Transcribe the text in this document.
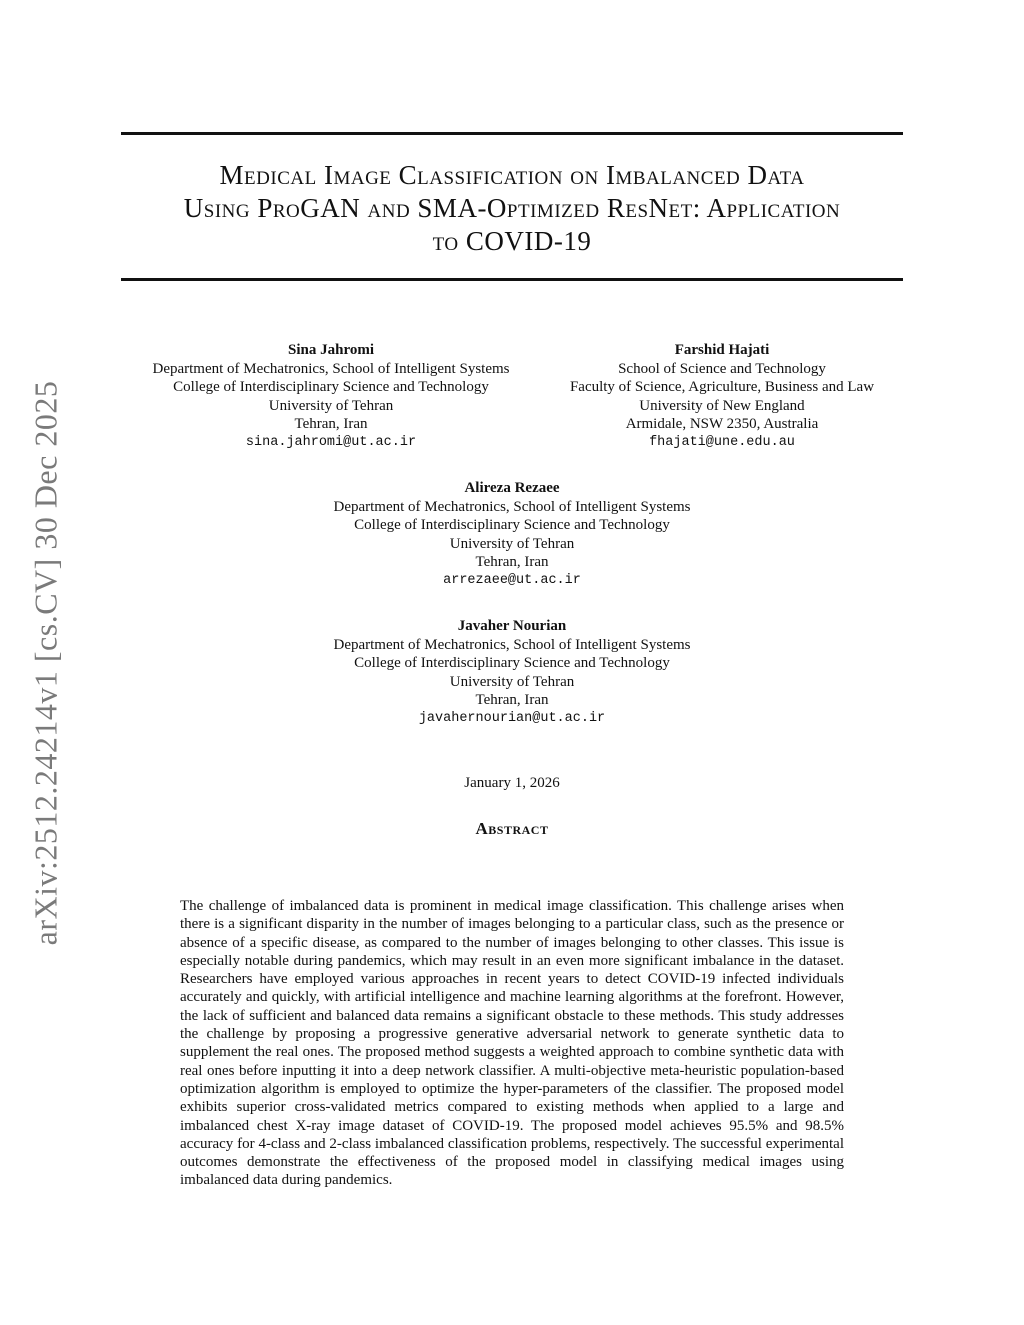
arXiv:2512.24214v1 [cs.CV] 30 Dec 2025
Medical Image Classification on Imbalanced Data
Using ProGAN and SMA-Optimized ResNet: Application
to COVID-19
Sina Jahromi
Department of Mechatronics, School of Intelligent Systems
College of Interdisciplinary Science and Technology
University of Tehran
Tehran, Iran
sina.jahromi@ut.ac.ir
Farshid Hajati
School of Science and Technology
Faculty of Science, Agriculture, Business and Law
University of New England
Armidale, NSW 2350, Australia
fhajati@une.edu.au
Alireza Rezaee
Department of Mechatronics, School of Intelligent Systems
College of Interdisciplinary Science and Technology
University of Tehran
Tehran, Iran
arrezaee@ut.ac.ir
Javaher Nourian
Department of Mechatronics, School of Intelligent Systems
College of Interdisciplinary Science and Technology
University of Tehran
Tehran, Iran
javahernourian@ut.ac.ir
January 1, 2026
Abstract

The challenge of imbalanced data is prominent in medical image classification. This challenge arises when there is a significant disparity in the number of images belonging to a particular class, such as the presence or absence of a specific disease, as compared to the number of images belonging to other classes. This issue is especially notable during pandemics, which may result in an even more significant imbalance in the dataset. Researchers have employed various approaches in recent years to detect COVID-19 infected individuals accurately and quickly, with artificial intelligence and machine learning algorithms at the forefront. However, the lack of sufficient and balanced data remains a significant obstacle to these methods. This study addresses the challenge by proposing a progressive generative adversarial network to generate synthetic data to supplement the real ones. The proposed method suggests a weighted approach to combine synthetic data with real ones before inputting it into a deep network classifier. A multi-objective meta-heuristic population-based optimization algorithm is employed to optimize the hyper-parameters of the classifier. The proposed model exhibits superior cross-validated metrics compared to existing methods when applied to a large and imbalanced chest X-ray image dataset of COVID-19. The proposed model achieves 95.5% and 98.5% accuracy for 4-class and 2-class imbalanced classification problems, respectively. The successful experimental outcomes demonstrate the effectiveness of the proposed model in classifying medical images using imbalanced data during pandemics.
